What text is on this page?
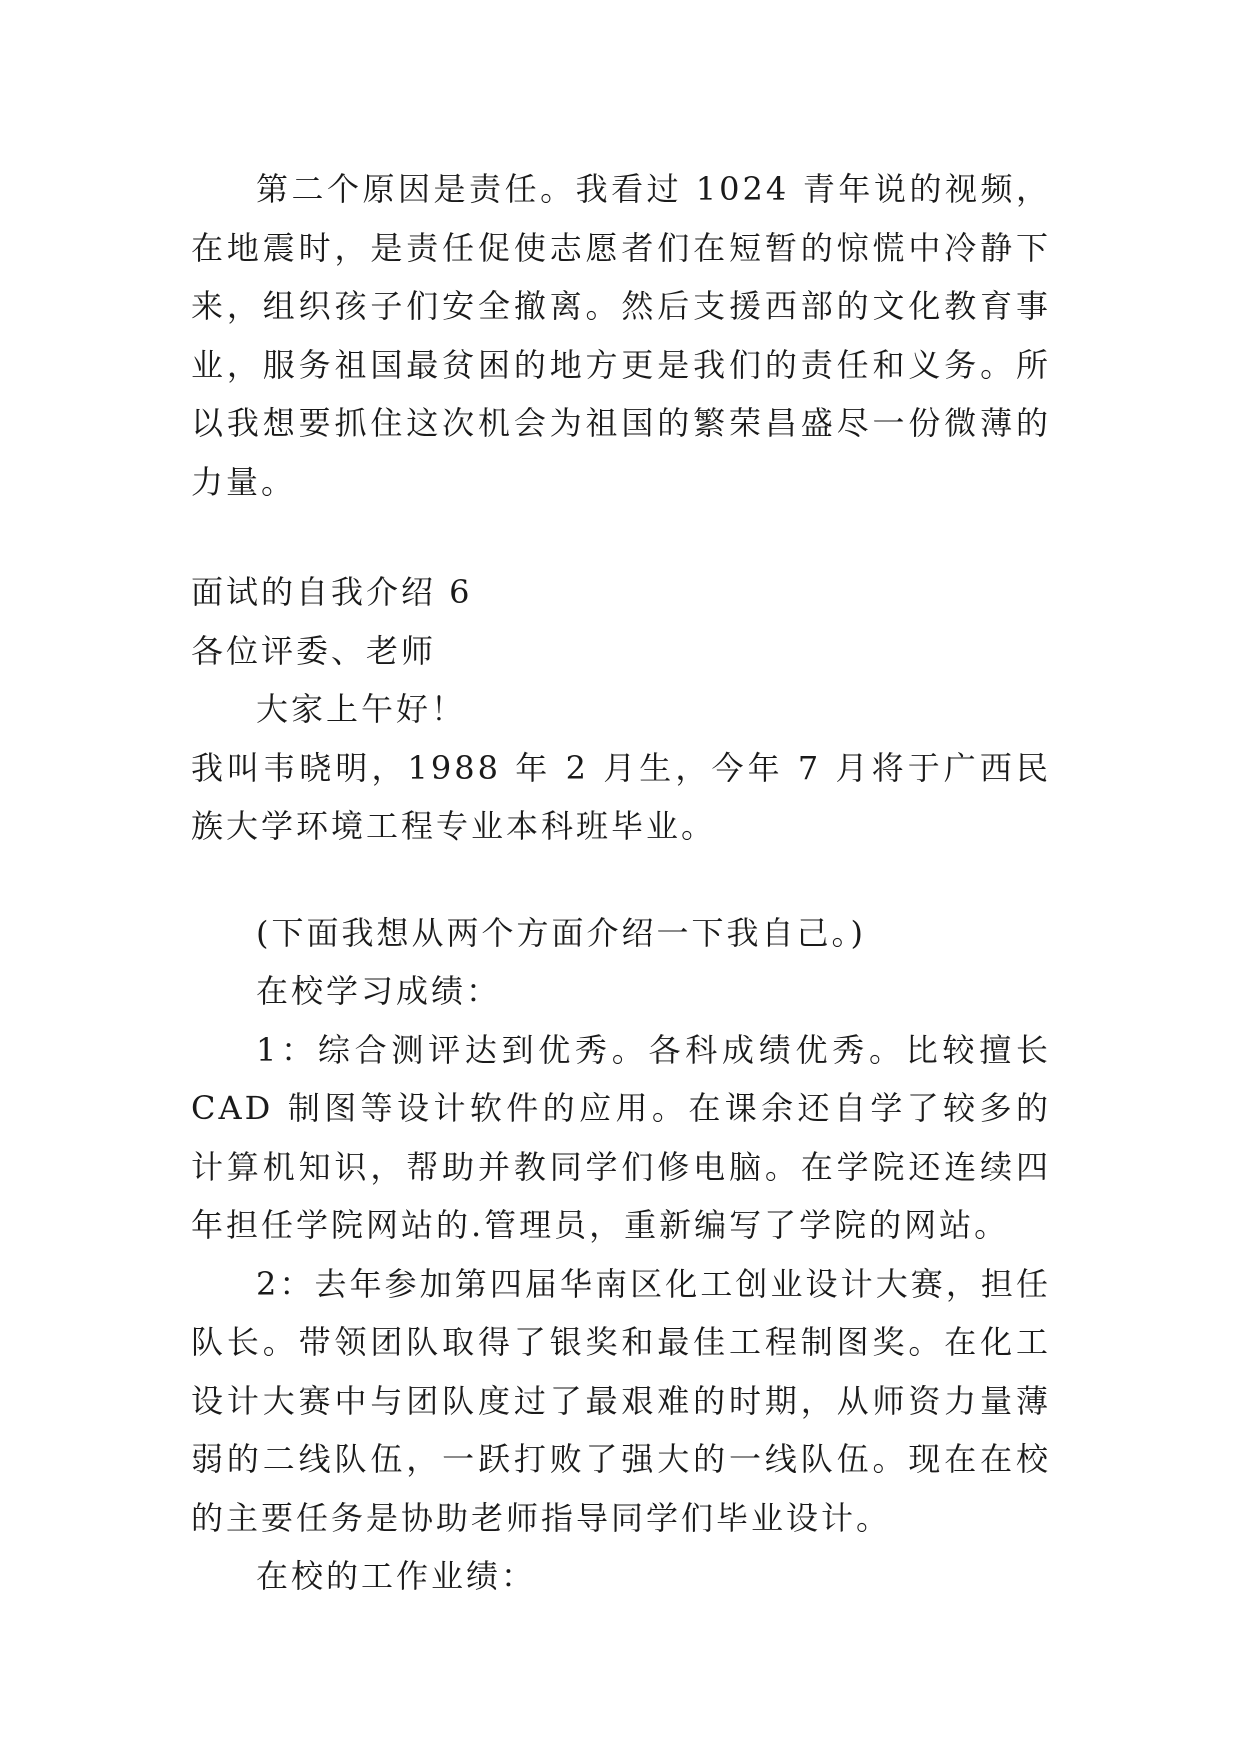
第二个原因是责任。我看过 1024 青年说的视频，在地震时，是责任促使志愿者们在短暂的惊慌中冷静下来，组织孩子们安全撤离。然后支援西部的文化教育事业，服务祖国最贫困的地方更是我们的责任和义务。所以我想要抓住这次机会为祖国的繁荣昌盛尽一份微薄的力量。

面试的自我介绍 6

各位评委、老师

大家上午好！

我叫韦晓明，1988 年 2 月生，今年 7 月将于广西民族大学环境工程专业本科班毕业。

(下面我想从两个方面介绍一下我自己。)

在校学习成绩：

1：综合测评达到优秀。各科成绩优秀。比较擅长 CAD 制图等设计软件的应用。在课余还自学了较多的计算机知识，帮助并教同学们修电脑。在学院还连续四年担任学院网站的.管理员，重新编写了学院的网站。

2：去年参加第四届华南区化工创业设计大赛，担任队长。带领团队取得了银奖和最佳工程制图奖。在化工设计大赛中与团队度过了最艰难的时期，从师资力量薄弱的二线队伍，一跃打败了强大的一线队伍。现在在校的主要任务是协助老师指导同学们毕业设计。

在校的工作业绩：
